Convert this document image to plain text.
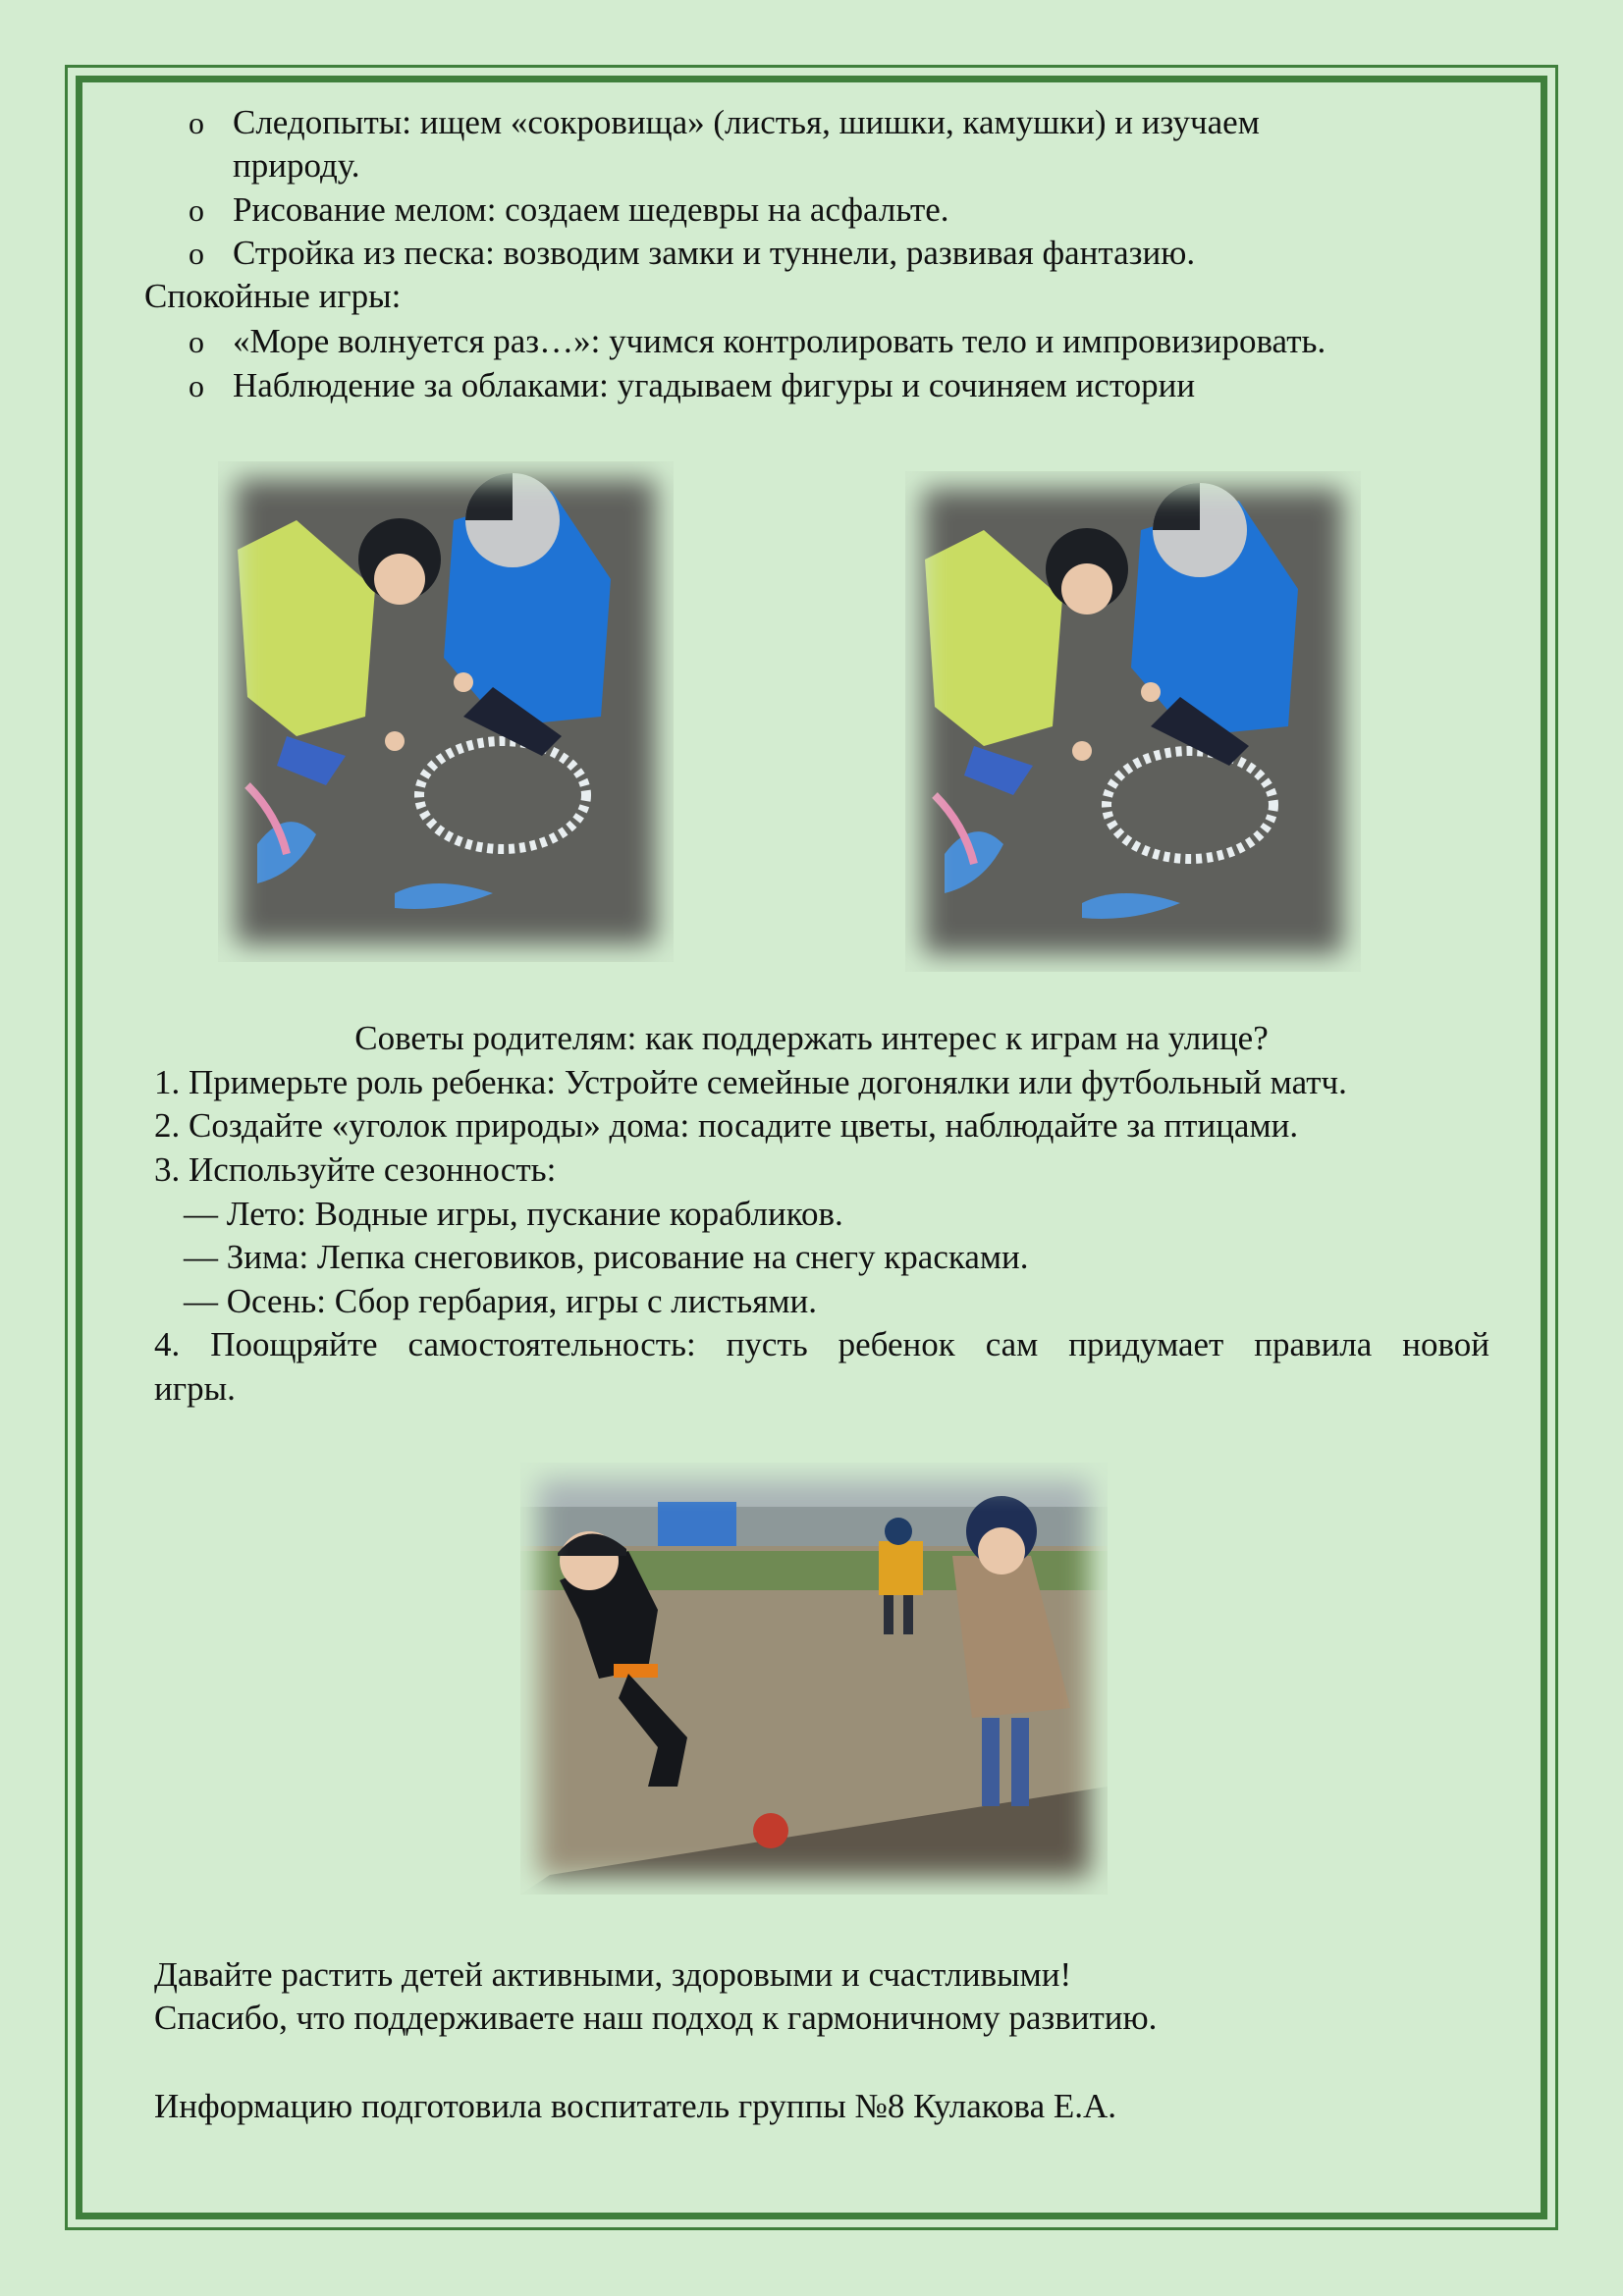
o Следопыты: ищем «сокровища» (листья, шишки, камушки) и изучаем
природу.
o Рисование мелом: создаем шедевры на асфальте.
o Стройка из песка: возводим замки и туннели, развивая фантазию.
Спокойные игры:
o «Море волнуется раз…»: учимся контролировать тело и импровизировать.
o Наблюдение за облаками: угадываем фигуры и сочиняем истории
Советы родителям: как поддержать интерес к играм на улице?
1. Примерьте роль ребенка: Устройте семейные догонялки или футбольный матч.
2. Создайте «уголок природы» дома: посадите цветы, наблюдайте за птицами.
3. Используйте сезонность:
— Лето: Водные игры, пускание корабликов.
— Зима: Лепка снеговиков, рисование на снегу красками.
— Осень: Сбор гербария, игры с листьями.
4. Поощряйте самостоятельность: пусть ребенок сам придумает правила новой
игры.
Давайте растить детей активными, здоровыми и счастливыми!
Спасибо, что поддерживаете наш подход к гармоничному развитию.
Информацию подготовила воспитатель группы №8 Кулакова Е.А.
